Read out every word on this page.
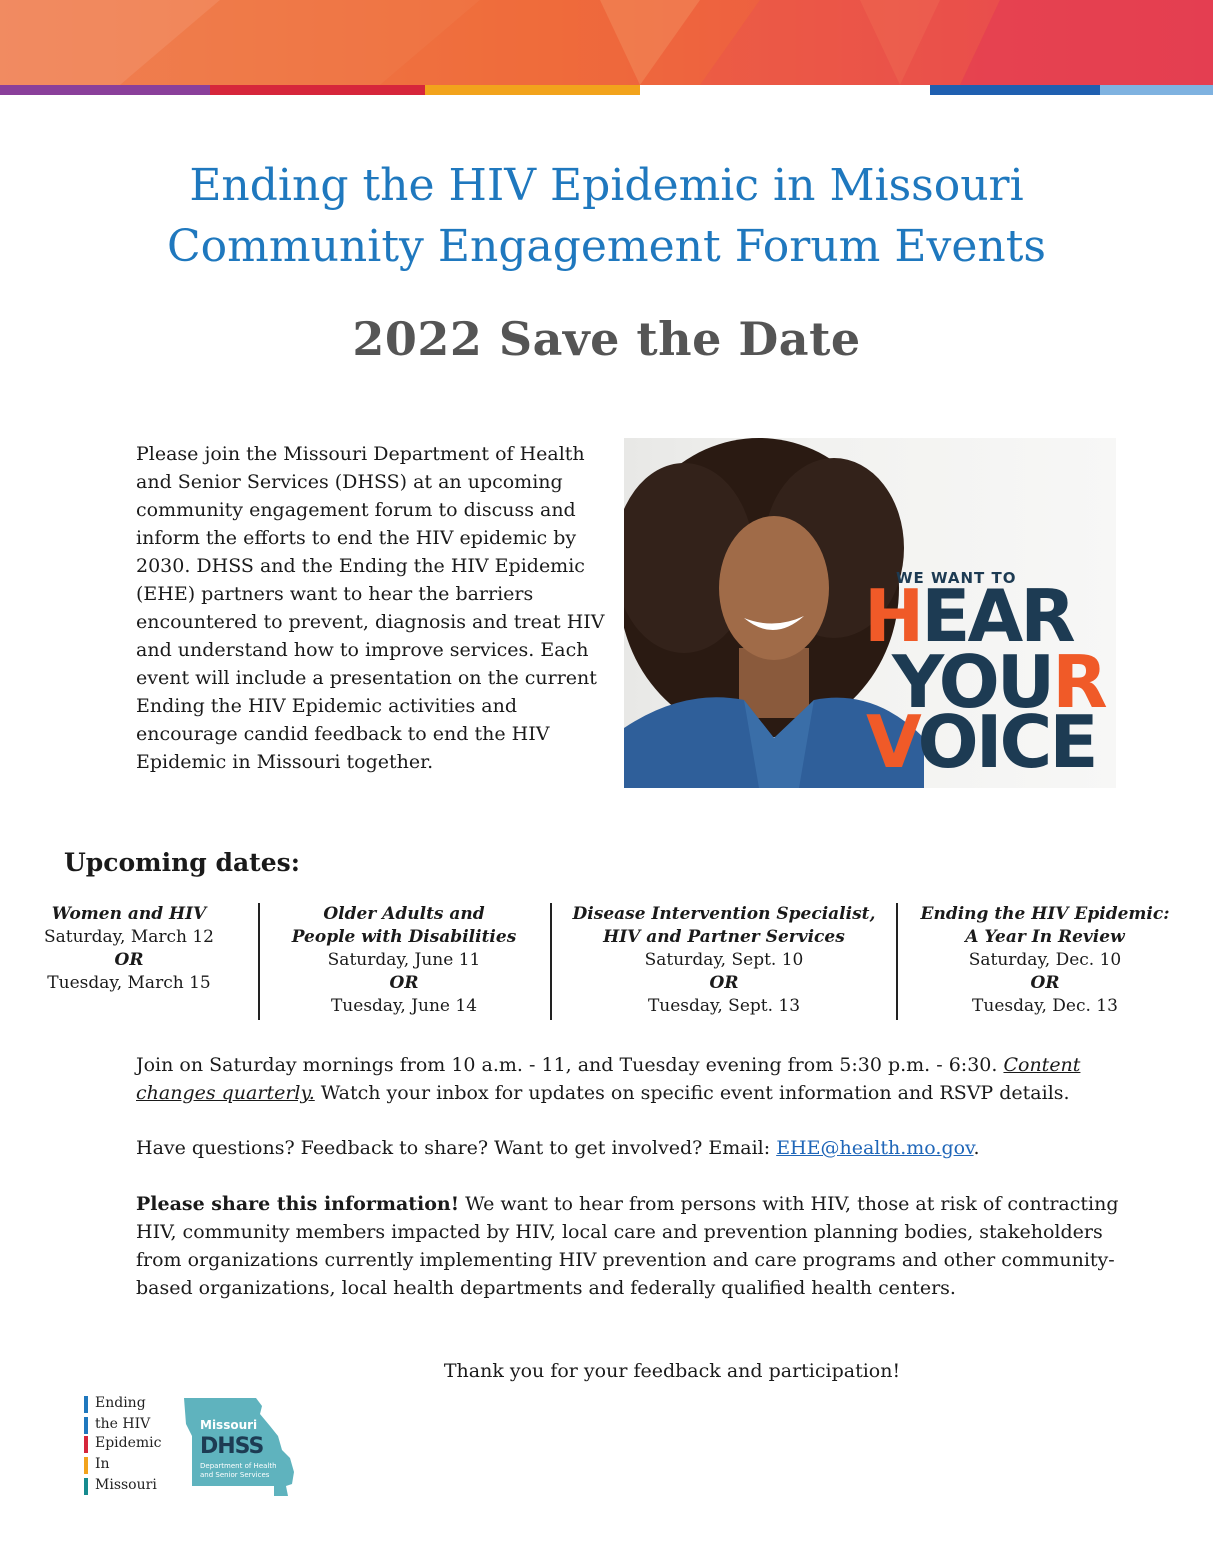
Ending the HIV Epidemic in Missouri
Community Engagement Forum Events
2022 Save the Date

Please join the Missouri Department of Health and Senior Services (DHSS) at an upcoming community engagement forum to discuss and inform the efforts to end the HIV epidemic by 2030. DHSS and the Ending the HIV Epidemic (EHE) partners want to hear the barriers encountered to prevent, diagnosis and treat HIV and understand how to improve services. Each event will include a presentation on the current Ending the HIV Epidemic activities and encourage candid feedback to end the HIV Epidemic in Missouri together.

WE WANT TO
HEAR
YOUR
VOICE
Upcoming dates:
Women and HIV
Saturday, March 12
OR
Tuesday, March 15
Older Adults and
People with Disabilities
Saturday, June 11
OR
Tuesday, June 14
Disease Intervention Specialist,
HIV and Partner Services
Saturday, Sept. 10
OR
Tuesday, Sept. 13
Ending the HIV Epidemic:
A Year In Review
Saturday, Dec. 10
OR
Tuesday, Dec. 13

Join on Saturday mornings from 10 a.m. - 11, and Tuesday evening from 5:30 p.m. - 6:30. Content changes quarterly. Watch your inbox for updates on specific event information and RSVP details.

Have questions? Feedback to share? Want to get involved? Email: EHE@health.mo.gov.

Please share this information! We want to hear from persons with HIV, those at risk of contracting HIV, community members impacted by HIV, local care and prevention planning bodies, stakeholders from organizations currently implementing HIV prevention and care programs and other community-based organizations, local health departments and federally qualified health centers.

Thank you for your feedback and participation!

Ending
the HIV
Epidemic
In
Missouri
Missouri
DHSS
Department of Health
and Senior Services
